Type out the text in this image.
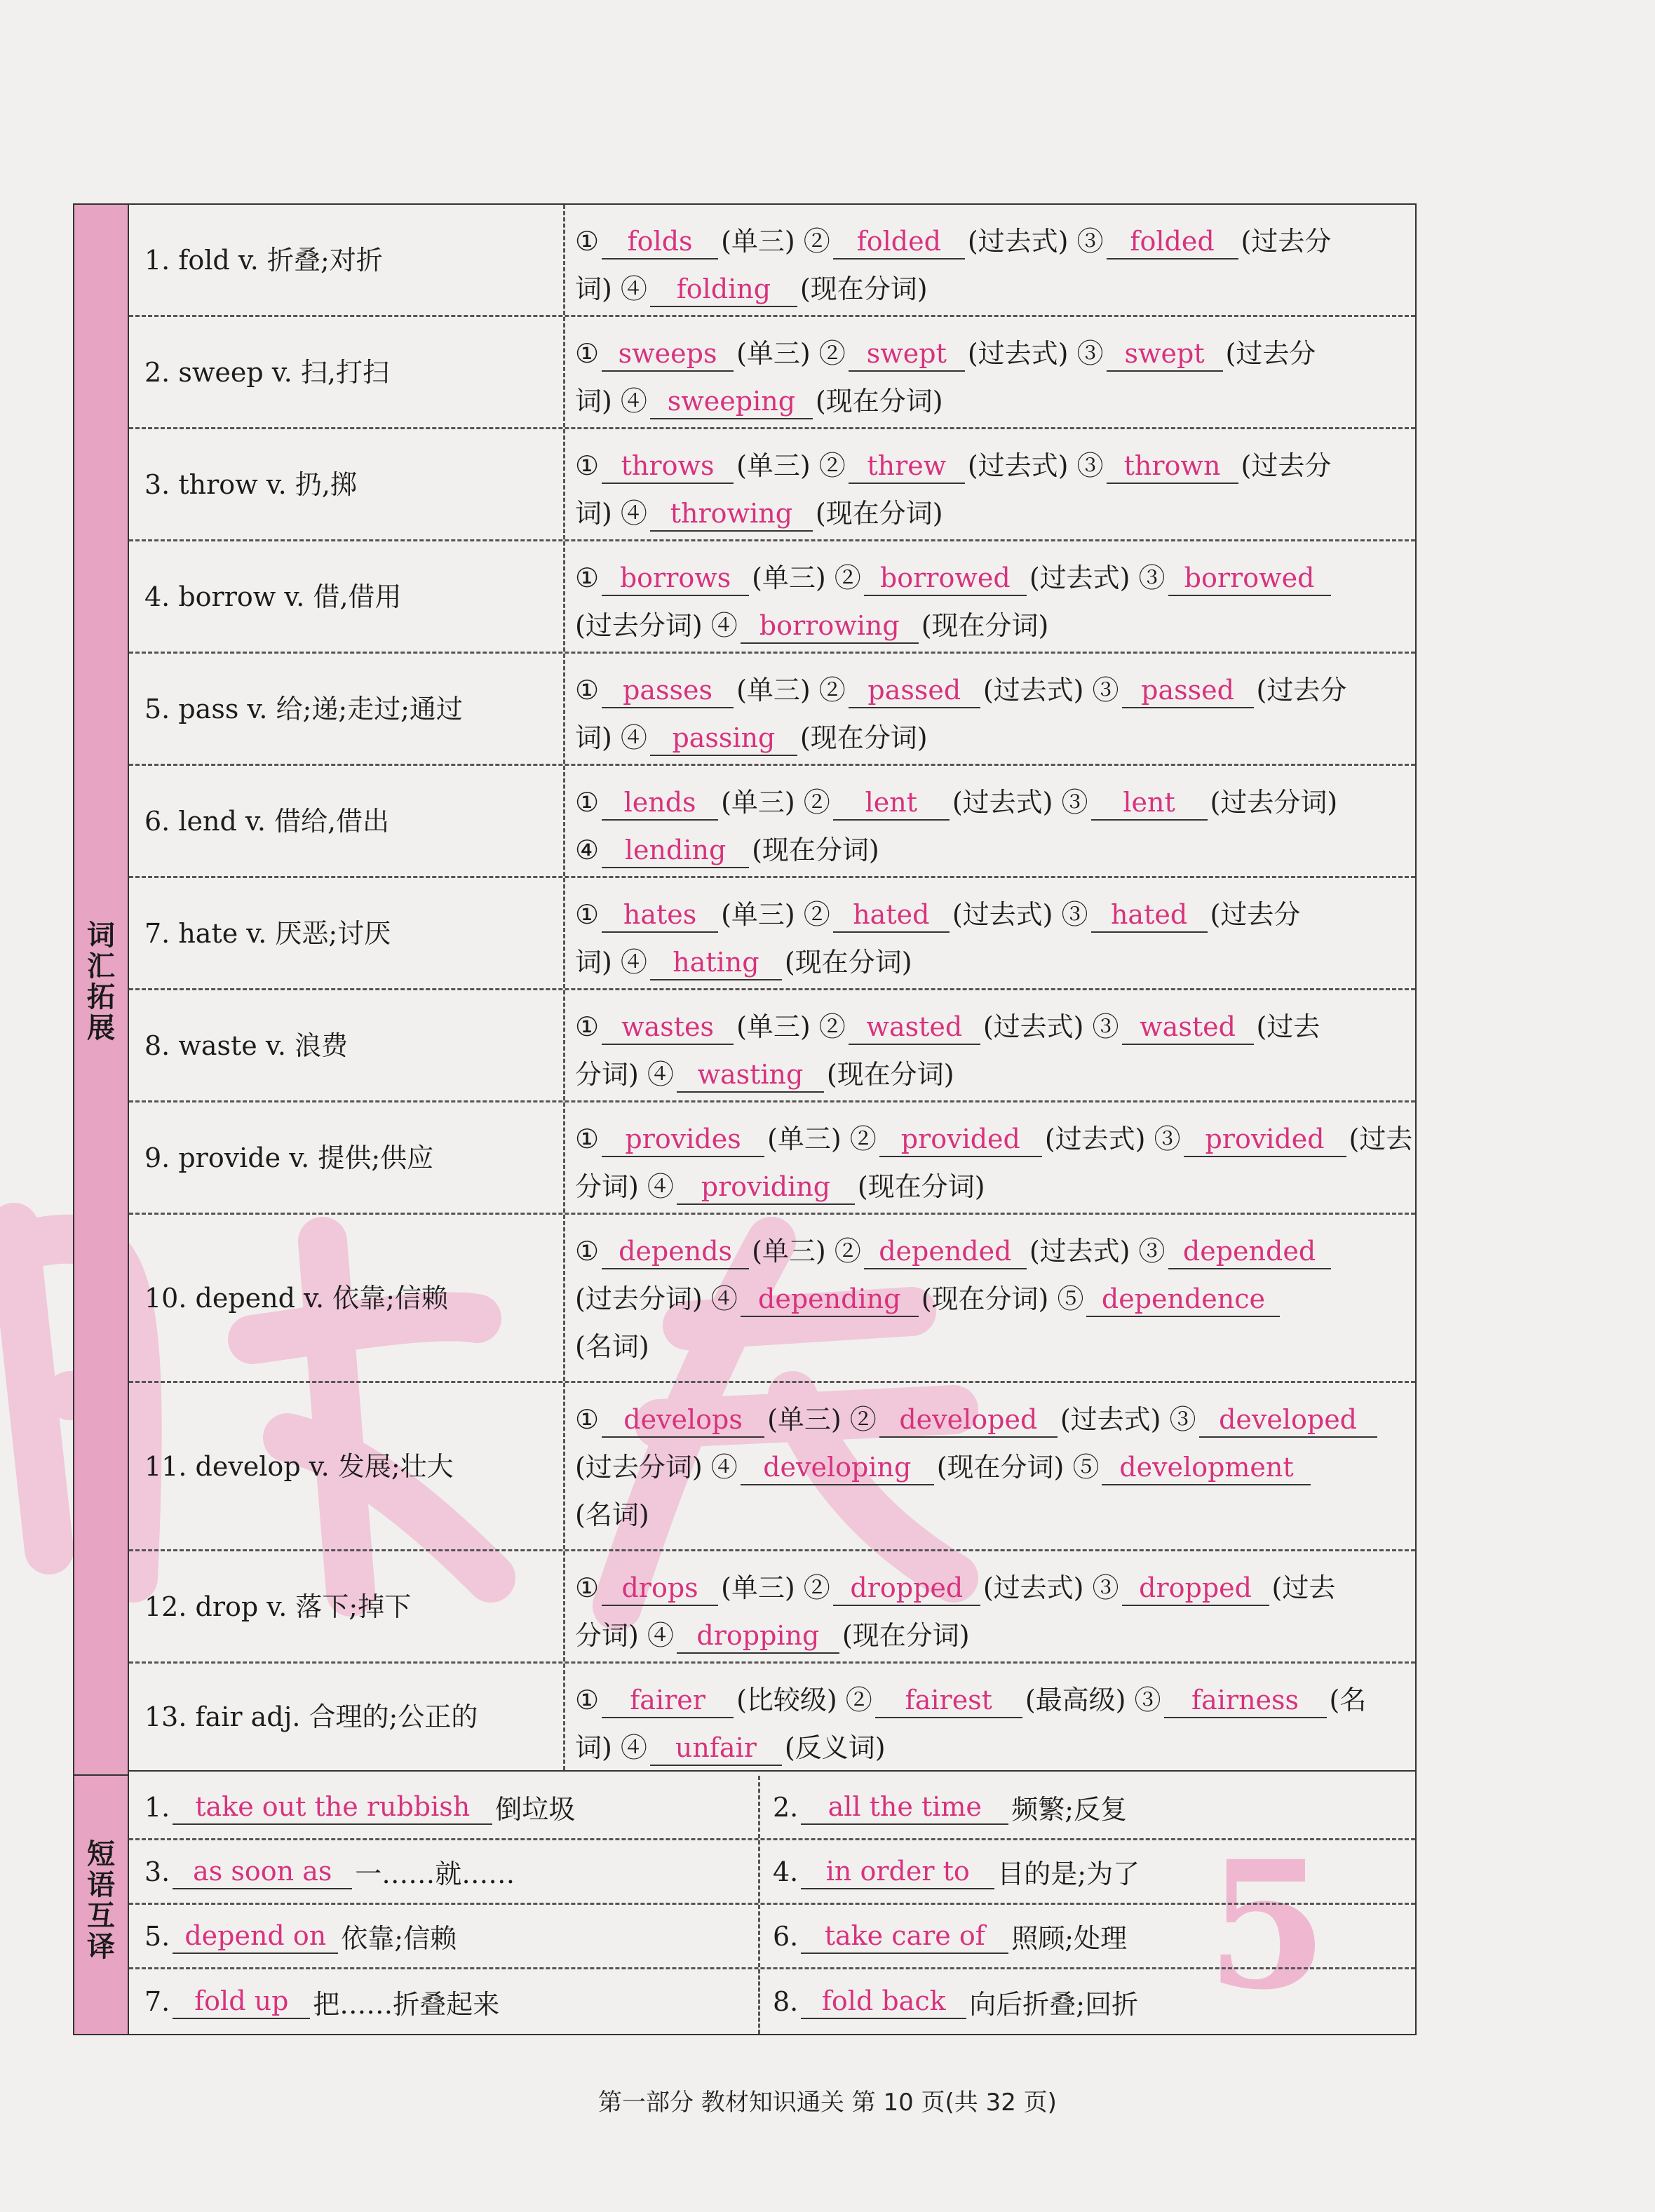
5
词
汇
拓
展
短
语
互
译
1. fold v. 折叠;对折
① folds (单三) ② folded (过去式) ③ folded (过去分
词) ④ folding (现在分词)
2. sweep v. 扫,打扫
① sweeps (单三) ② swept (过去式) ③ swept (过去分
词) ④ sweeping (现在分词)
3. throw v. 扔,掷
① throws (单三) ② threw (过去式) ③ thrown (过去分
词) ④ throwing (现在分词)
4. borrow v. 借,借用
① borrows (单三) ② borrowed (过去式) ③ borrowed
(过去分词) ④ borrowing (现在分词)
5. pass v. 给;递;走过;通过
① passes (单三) ② passed (过去式) ③ passed (过去分
词) ④ passing (现在分词)
6. lend v. 借给,借出
① lends (单三) ② lent (过去式) ③ lent (过去分词)
④ lending (现在分词)
7. hate v. 厌恶;讨厌
① hates (单三) ② hated (过去式) ③ hated (过去分
词) ④ hating (现在分词)
8. waste v. 浪费
① wastes (单三) ② wasted (过去式) ③ wasted (过去
分词) ④ wasting (现在分词)
9. provide v. 提供;供应
① provides (单三) ② provided (过去式) ③ provided (过去
分词) ④ providing (现在分词)
10. depend v. 依靠;信赖
① depends (单三) ② depended (过去式) ③ depended
(过去分词) ④ depending (现在分词) ⑤ dependence
(名词)
11. develop v. 发展;壮大
① develops (单三) ② developed (过去式) ③ developed
(过去分词) ④ developing (现在分词) ⑤ development
(名词)
12. drop v. 落下;掉下
① drops (单三) ② dropped (过去式) ③ dropped (过去
分词) ④ dropping (现在分词)
13. fair adj. 合理的;公正的
① fairer (比较级) ② fairest (最高级) ③ fairness (名
词) ④ unfair (反义词)
1. take out the rubbish 倒垃圾	2.	all the time	频繁;反复
3. as soon as 一……就……	4.	in order to	目的是;为了
5. depend on 依靠;信赖	6. take care of 照顾;处理
7. fold up 把……折叠起来	8. fold back 向后折叠;回折
第一部分 教材知识通关 第 10 页(共 32 页)
